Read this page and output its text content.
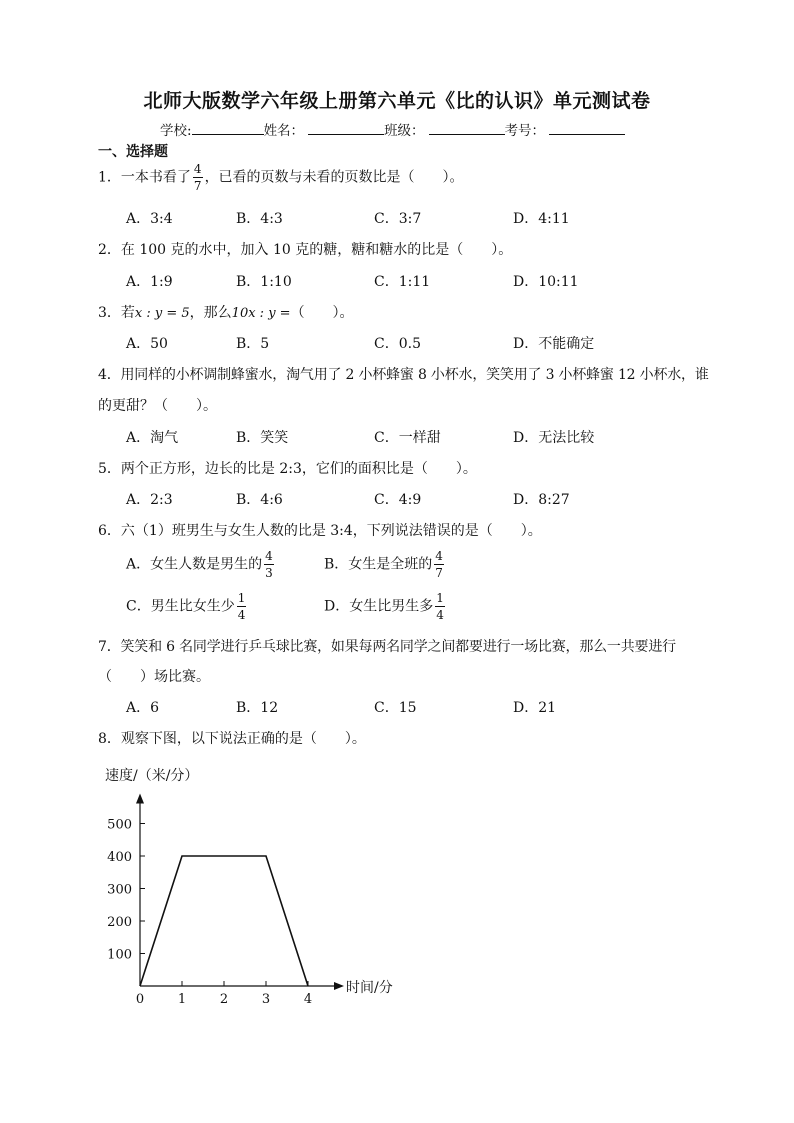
北师大版数学六年级上册第六单元《比的认识》单元测试卷
学校:	姓名：	班级：	考号：
一、选择题
1．一本书看了 $\frac{4}{7}$ ，已看的页数与未看的页数比是（　　）。
A．3:4	B．4:3	C．3:7	D．4:11
2．在 100 克的水中，加入 10 克的糖，糖和糖水的比是（　　）。
A．1:9	B．1:10	C．1:11	D．10:11
3．若x : y = 5，那么10x : y =（　　）。
A．50	B．5	C．0.5	D．不能确定
4．用同样的小杯调制蜂蜜水，淘气用了 2 小杯蜂蜜 8 小杯水，笑笑用了 3 小杯蜂蜜 12 小杯水，谁
的更甜？（　　）。
A．淘气	B．笑笑	C．一样甜	D．无法比较
5．两个正方形，边长的比是 2:3，它们的面积比是（　　）。
A．2:3	B．4:6	C．4:9	D．8:27
6．六（1）班男生与女生人数的比是 3:4，下列说法错误的是（　　）。
A．女生人数是男生的 $\frac{4}{3}$	B．女生是全班的 $\frac{4}{7}$
C．男生比女生少 $\frac{1}{4}$	D．女生比男生多 $\frac{1}{4}$
7．笑笑和 6 名同学进行乒乓球比赛，如果每两名同学之间都要进行一场比赛，那么一共要进行
（　　）场比赛。
A．6	B．12	C．15	D．21
8．观察下图，以下说法正确的是（　　）。
100
200
300
400
500
0	1	2	3	4
速度/（米/分）
时间/分
